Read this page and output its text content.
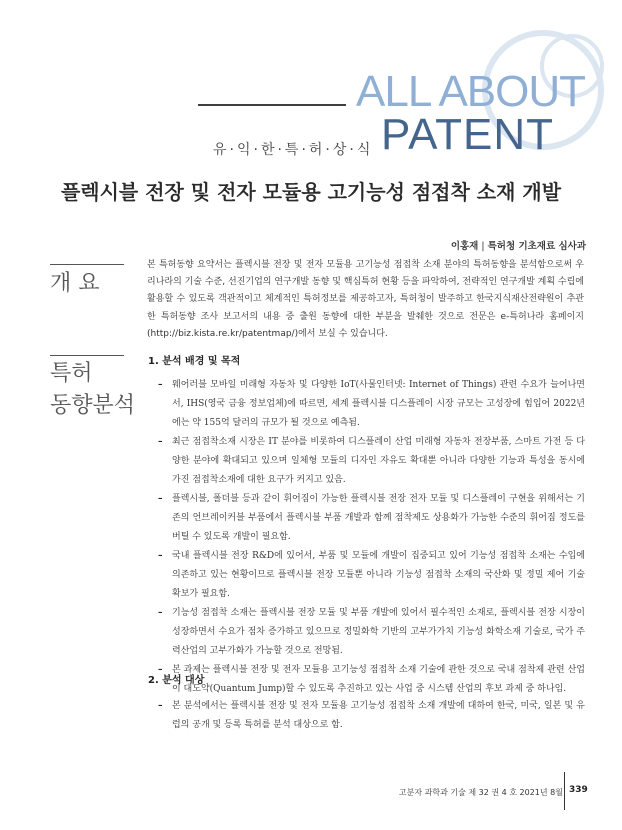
ALL ABOUT
PATENT
유·익·한·특·허·상·식
플렉시블 전장 및 전자 모듈용 고기능성 점접착 소재 개발
이홍재 | 특허청 기초재료 심사과
개 요
본 특허동향 요약서는 플렉시블 전장 및 전자 모듈용 고기능성 점접착 소재 분야의 특허동향을 분석함으로써 우리나라의 기술 수준, 선진기업의 연구개발 동향 및 핵심특허 현황 등을 파악하여, 전략적인 연구개발 계획 수립에 활용할 수 있도록 객관적이고 체계적인 특허정보를 제공하고자, 특허청이 발주하고 한국지식재산전략원이 추관한 특허동향 조사 보고서의 내용 중 출원 동향에 대한 부분을 발췌한 것으로 전문은 e-특허나라 홈페이지(http://biz.kista.re.kr/patentmap/)에서 보실 수 있습니다.
특허
동향분석
1. 분석 배경 및 목적
– 웨어러블 모바일 미래형 자동차 및 다양한 IoT(사물인터넷: Internet of Things) 관련 수요가 늘어나면서, IHS(영국 금융 정보업체)에 따르면, 세계 플렉시블 디스플레이 시장 규모는 고성장에 힘입어 2022년에는 약 155억 달러의 규모가 될 것으로 예측됨.
– 최근 점접착소재 시장은 IT 분야를 비롯하여 디스플레이 산업 미래형 자동차 전장부품, 스마트 가전 등 다양한 분야에 확대되고 있으며 일체형 모듈의 디자인 자유도 확대뿐 아니라 다양한 기능과 특성을 동시에 가진 점접착소재에 대한 요구가 커지고 있음.
– 플렉시블, 폴더블 등과 같이 휘어짐이 가능한 플렉시블 전장 전자 모듈 및 디스플레이 구현을 위해서는 기존의 언브레이커블 부품에서 플렉시블 부품 개발과 함께 점착제도 상용화가 가능한 수준의 휘어짐 정도를 버틸 수 있도록 개발이 필요함.
– 국내 플렉시블 전장 R&D에 있어서, 부품 및 모듈에 개발이 집중되고 있어 기능성 점접착 소재는 수입에 의존하고 있는 현황이므로 플렉시블 전장 모듈뿐 아니라 기능성 점접착 소재의 국산화 및 정밀 제어 기술 확보가 필요함.
– 기능성 점접착 소재는 플렉시블 전장 모듈 및 부품 개발에 있어서 필수적인 소재로, 플렉시블 전장 시장이 성장하면서 수요가 점차 증가하고 있으므로 정밀화학 기반의 고부가가치 기능성 화학소재 기술로, 국가 주력산업의 고부가화가 가능할 것으로 전망됨.
– 본 과제는 플렉시블 전장 및 전자 모듈용 고기능성 점접착 소재 기술에 관한 것으로 국내 점착제 관련 산업이 대도약(Quantum Jump)할 수 있도록 추진하고 있는 사업 중 시스템 산업의 후보 과제 중 하나임.
2. 분석 대상
– 본 분석에서는 플렉시블 전장 및 전자 모듈용 고기능성 점접착 소재 개발에 대하여 한국, 미국, 일본 및 유럽의 공개 및 등록 특허를 분석 대상으로 함.
고분자 과학과 기술 제 32 권 4 호 2021년 8월 339
